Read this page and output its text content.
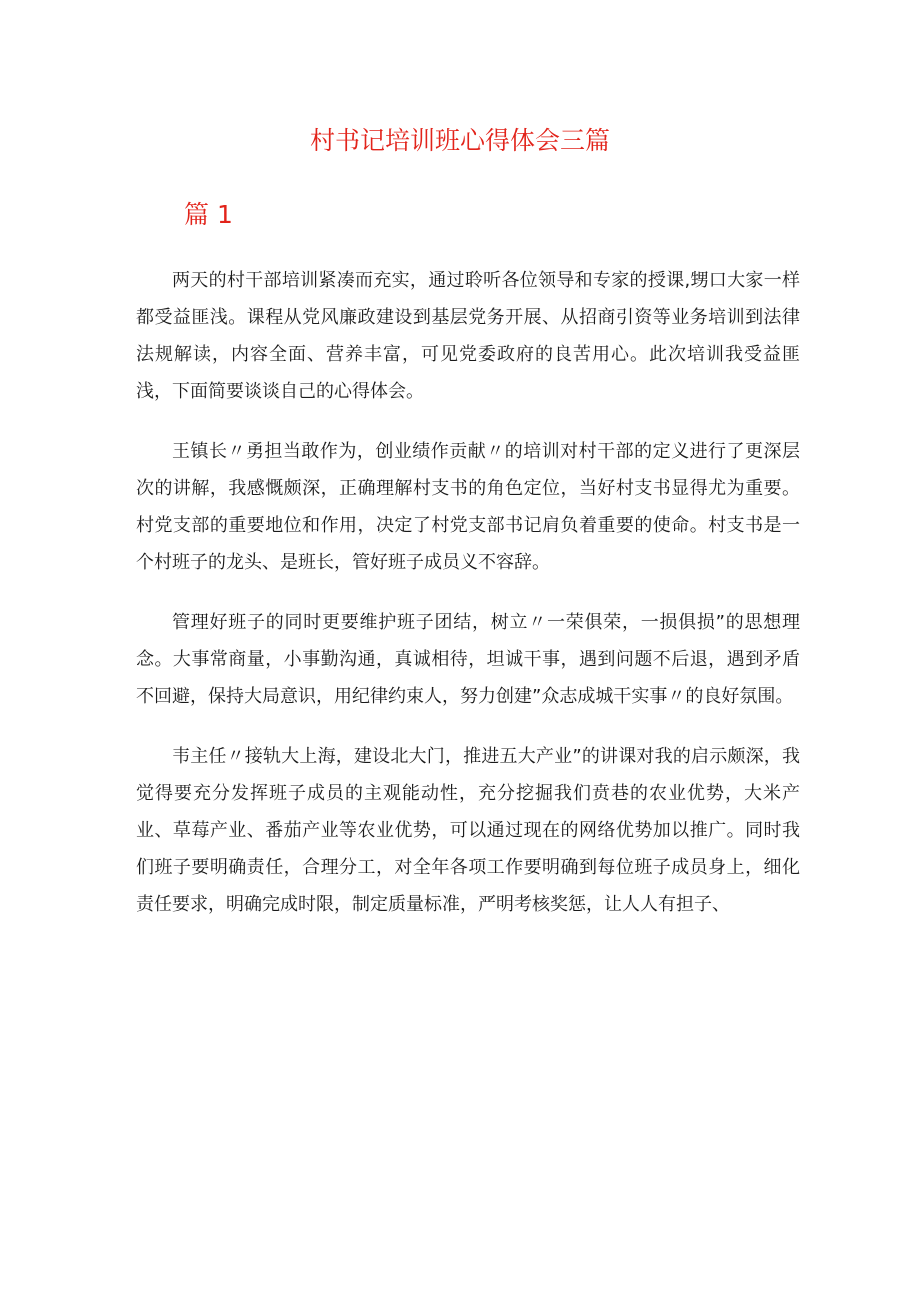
村书记培训班心得体会三篇
篇 1

两天的村干部培训紧凑而充实，通过聆听各位领导和专家的授课,甥口大家一样都受益匪浅。课程从党风廉政建设到基层党务开展、从招商引资等业务培训到法律法规解读，内容全面、营养丰富，可见党委政府的良苦用心。此次培训我受益匪浅，下面简要谈谈自己的心得体会。

王镇长〃勇担当敢作为，创业绩作贡献〃的培训对村干部的定义进行了更深层次的讲解，我感慨颇深，正确理解村支书的角色定位，当好村支书显得尤为重要。村党支部的重要地位和作用，决定了村党支部书记肩负着重要的使命。村支书是一个村班子的龙头、是班长，管好班子成员义不容辞。

管理好班子的同时更要维护班子团结，树立〃一荣俱荣，一损俱损”的思想理念。大事常商量，小事勤沟通，真诚相待，坦诚干事，遇到问题不后退，遇到矛盾不回避，保持大局意识，用纪律约束人，努力创建”众志成城干实事〃的良好氛围。

韦主任〃接轨大上海，建设北大门，推进五大产业”的讲课对我的启示颇深，我觉得要充分发挥班子成员的主观能动性，充分挖掘我们贲巷的农业优势，大米产业、草莓产业、番茄产业等农业优势，可以通过现在的网络优势加以推广。同时我们班子要明确责任，合理分工，对全年各项工作要明确到每位班子成员身上，细化责任要求，明确完成时限，制定质量标准，严明考核奖惩，让人人有担子、
